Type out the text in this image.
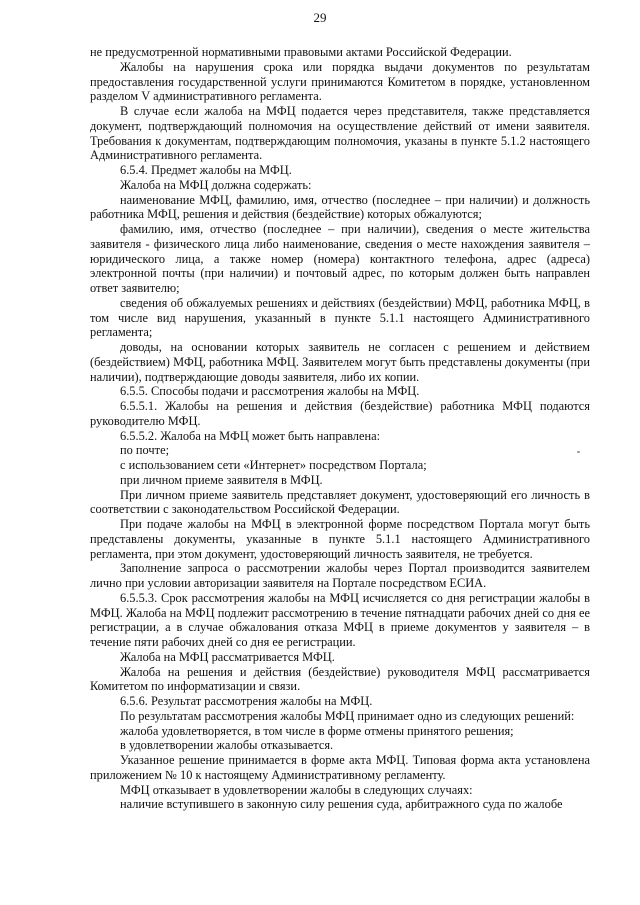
29

не предусмотренной нормативными правовыми актами Российской Федерации.

Жалобы на нарушения срока или порядка выдачи документов по результатам предоставления государственной услуги принимаются Комитетом в порядке, установленном разделом V административного регламента.

В случае если жалоба на МФЦ подается через представителя, также представляется документ, подтверждающий полномочия на осуществление действий от имени заявителя. Требования к документам, подтверждающим полномочия, указаны в пункте 5.1.2 настоящего Административного регламента.

6.5.4. Предмет жалобы на МФЦ.

Жалоба на МФЦ должна содержать:

наименование МФЦ, фамилию, имя, отчество (последнее – при наличии) и должность работника МФЦ, решения и действия (бездействие) которых обжалуются;

фамилию, имя, отчество (последнее – при наличии), сведения о месте жительства заявителя - физического лица либо наименование, сведения о месте нахождения заявителя – юридического лица, а также номер (номера) контактного телефона, адрес (адреса) электронной почты (при наличии) и почтовый адрес, по которым должен быть направлен ответ заявителю;

сведения об обжалуемых решениях и действиях (бездействии) МФЦ, работника МФЦ, в том числе вид нарушения, указанный в пункте 5.1.1 настоящего Административного регламента;

доводы, на основании которых заявитель не согласен с решением и действием (бездействием) МФЦ, работника МФЦ. Заявителем могут быть представлены документы (при наличии), подтверждающие доводы заявителя, либо их копии.

6.5.5. Способы подачи и рассмотрения жалобы на МФЦ.

6.5.5.1. Жалобы на решения и действия (бездействие) работника МФЦ подаются руководителю МФЦ.

6.5.5.2. Жалоба на МФЦ может быть направлена:

по почте;

с использованием сети «Интернет» посредством Портала;

при личном приеме заявителя в МФЦ.

При личном приеме заявитель представляет документ, удостоверяющий его личность в соответствии с законодательством Российской Федерации.

При подаче жалобы на МФЦ в электронной форме посредством Портала могут быть представлены документы, указанные в пункте 5.1.1 настоящего Административного регламента, при этом документ, удостоверяющий личность заявителя, не требуется.

Заполнение запроса о рассмотрении жалобы через Портал производится заявителем лично при условии авторизации заявителя на Портале посредством ЕСИА.

6.5.5.3. Срок рассмотрения жалобы на МФЦ исчисляется со дня регистрации жалобы в МФЦ. Жалоба на МФЦ подлежит рассмотрению в течение пятнадцати рабочих дней со дня ее регистрации, а в случае обжалования отказа МФЦ в приеме документов у заявителя – в течение пяти рабочих дней со дня ее регистрации.

Жалоба на МФЦ рассматривается МФЦ.

Жалоба на решения и действия (бездействие) руководителя МФЦ рассматривается Комитетом по информатизации и связи.

6.5.6. Результат рассмотрения жалобы на МФЦ.

По результатам рассмотрения жалобы МФЦ принимает одно из следующих решений:

жалоба удовлетворяется, в том числе в форме отмены принятого решения;

в удовлетворении жалобы отказывается.

Указанное решение принимается в форме акта МФЦ. Типовая форма акта установлена приложением № 10 к настоящему Административному регламенту.

МФЦ отказывает в удовлетворении жалобы в следующих случаях:

наличие вступившего в законную силу решения суда, арбитражного суда по жалобе
